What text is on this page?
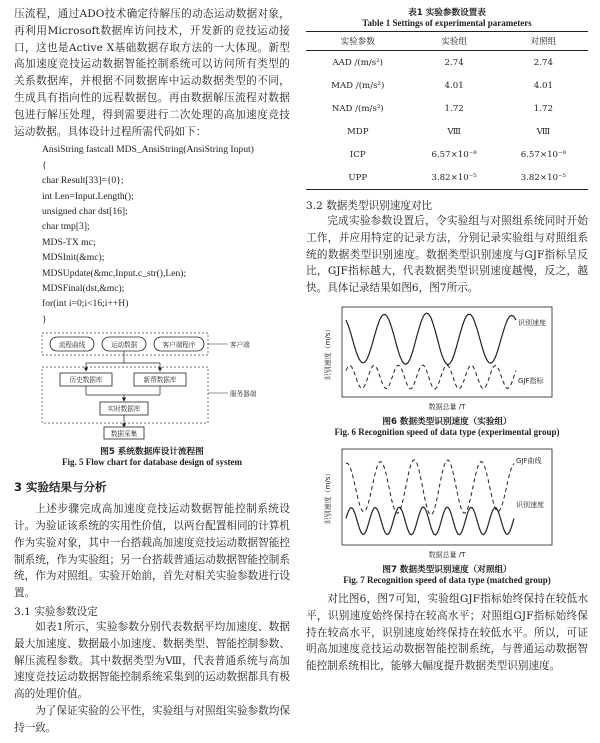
压流程，通过ADO技术确定待解压的动态运动数据对象，再利用Microsoft数据库访问技术，开发新的竞技运动接口，这也是Active X基础数据存取方法的一大体现。新型高加速度竞技运动数据智能控制系统可以访问所有类型的关系数据库，并根据不同数据库中运动数据类型的不同，生成具有指向性的远程数据包。再由数据解压流程对数据包进行解压处理，得到需要进行二次处理的高加速度竞技运动数据。具体设计过程所需代码如下：

AnsiString fastcall MDS_AnsiString(AnsiString Input)
{
char Result[33]={0};
int Len=Input.Length();
unsigned char dst[16];
char tmp[3];
MDS-TX mc;
MDSInit(&mc);
MDSUpdate(&mc,Input.c_str(),Len);
MDSFinal(dst,&mc);
for(int i=0;i<16;i++H)
}
流程曲线	运动数据	客户端程序	客户端
历史数据库	新帮数据库
实时数据库
服务器端
数据采集

图5 系统数据库设计流程图

Fig. 5 Flow chart for database design of system

3 实验结果与分析

上述步骤完成高加速度竞技运动数据智能控制系统设计。为验证该系统的实用性价值，以两台配置相同的计算机作为实验对象，其中一台搭载高加速度竞技运动数据智能控制系统，作为实验组；另一台搭载普通运动数据智能控制系统，作为对照组。实验开始前，首先对相关实验参数进行设置。

3.1 实验参数设定

如表1所示，实验参数分别代表数据平均加速度、数据最大加速度、数据最小加速度、数据类型、智能控制参数、解压流程参数。其中数据类型为Ⅷ，代表普通系统与高加速度竞技运动数据智能控制系统采集到的运动数据都具有极高的处理价值。

为了保证实验的公平性，实验组与对照组实验参数均保持一致。

表1 实验参数设置表

Table 1 Settings of experimental parameters

实验参数	实验组	对照组
AAD /(m/s²)	2.74	2.74
MAD /(m/s²)	4.01	4.01
NAD /(m/s²)	1.72	1.72
MDP	Ⅷ	Ⅷ
ICP	6.57×10⁻⁸	6.57×10⁻⁸
UPP	3.82×10⁻⁵	3.82×10⁻⁵

3.2 数据类型识别速度对比

完成实验参数设置后，令实验组与对照组系统同时开始工作，并应用特定的记录方法，分别记录实验组与对照组系统的数据类型识别速度。数据类型识别速度与GJF指标呈反比，GJF指标越大，代表数据类型识别速度越慢，反之，越快。具体记录结果如图6，图7所示。

识别速度（m/s）
数据总量 /T
识别速度
GJF指标

图6 数据类型识别速度（实验组）

Fig. 6 Recognition speed of data type (experimental group)

识别速度（m/s）
数据总量 /T
GJF曲线
识别速度

图7 数据类型识别速度（对照组）

Fig. 7 Recognition speed of data type (matched group)

对比图6，图7可知，实验组GJF指标始终保持在较低水平，识别速度始终保持在较高水平；对照组GJF指标始终保持在较高水平，识别速度始终保持在较低水平。所以，可证明高加速度竞技运动数据智能控制系统，与普通运动数据智能控制系统相比，能够大幅度提升数据类型识别速度。
